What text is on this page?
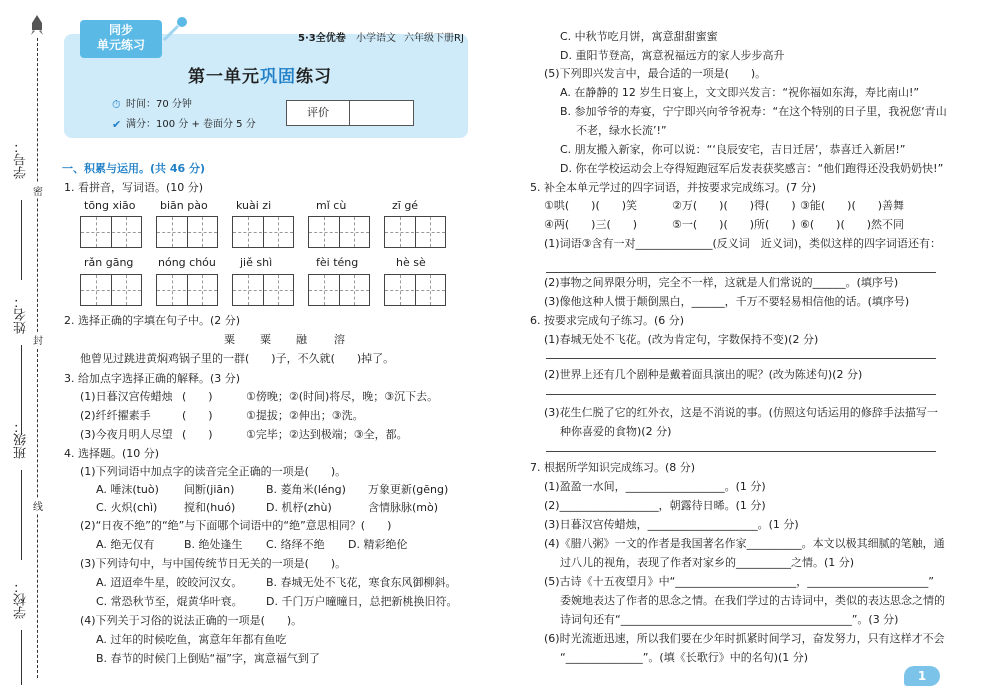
学号：
姓名：
班级：
学校：
密
封
线
同步
单元练习	5·3全优卷 小学语文 六年级下册 RJ
第一单元巩固练习
⏱ 时间：70 分钟
✔ 满分：100 分 + 卷面分 5 分
评价
一、积累与运用。(共 46 分)
1. 看拼音，写词语。(10 分)
tōng xiāo biān pào	kuài zi	mǐ cù	zī gé
rǎn gāng nóng chóu jiě shì	fèi téng	hè sè
2. 选择正确的字填在句子中。(2 分)
粟 粟 融 溶
他曾见过跳进黄焖鸡锅子里的一群(　　)子，不久就(　　)掉了。
3. 给加点字选择正确的解释。(3 分)
(1)日暮汉宫传蜡烛 (　　)	①傍晚；②(时间)将尽，晚；③沉下去。
(2)纤纤擢素手	(　　)	①提拔；②伸出；③洗。
(3)今夜月明人尽望 (　　)	①完毕；②达到极端；③全，都。
4. 选择题。(10 分)
(1)下列词语中加点字的读音完全正确的一项是(　　)。
A. 唾沫(tuò) 间断(jiān)	B. 菱角米(léng) 万象更新(gēng)
C. 火炽(chì) 搅和(huó)	D. 机杼(zhù)	含情脉脉(mò)
(2)“日夜不绝”的“绝”与下面哪个词语中的“绝”意思相同？(　　)
A. 绝无仅有	B. 绝处逢生 C. 络绎不绝 D. 精彩绝伦
(3)下列诗句中，与中国传统节日无关的一项是(　　)。
A. 迢迢牵牛星，皎皎河汉女。 B. 春城无处不飞花，寒食东风御柳斜。
C. 常恐秋节至，焜黄华叶衰。 D. 千门万户曈曈日，总把新桃换旧符。
(4)下列关于习俗的说法正确的一项是(　　)。
A. 过年的时候吃鱼，寓意年年都有鱼吃
B. 春节的时候门上倒贴“福”字，寓意福气到了
C. 中秋节吃月饼，寓意甜甜蜜蜜
D. 重阳节登高，寓意祝福远方的家人步步高升
(5)下列即兴发言中，最合适的一项是(　　)。
A. 在静静的 12 岁生日宴上，文文即兴发言：“祝你福如东海，寿比南山!”
B. 参加爷爷的寿宴，宁宁即兴向爷爷祝寿：“在这个特别的日子里，我祝您‘青山
不老，绿水长流’!”
C. 朋友搬入新家，你可以说：“‘良辰安宅，吉日迁居’，恭喜迁入新居!”
D. 你在学校运动会上夺得短跑冠军后发表获奖感言：“他们跑得还没我奶奶快!”
5. 补全本单元学过的四字词语，并按要求完成练习。(7 分)
①哄(　　)(　　)笑	②万(　　)(　　)得(　　) ③能(　　)(　　)善舞
④两(　　)三(　　)	⑤一(　　)(　　)所(　　) ⑥(　　)(　　)然不同
(1)词语③含有一对______________(反义词　近义词)，类似这样的四字词语还有：
(2)事物之间界限分明，完全不一样，这就是人们常说的______。(填序号)
(3)像他这种人惯于颠倒黑白，______，千万不要轻易相信他的话。(填序号)
6. 按要求完成句子练习。(6 分)
(1)春城无处不飞花。(改为肯定句，字数保持不变)(2 分)
(2)世界上还有几个剧种是戴着面具演出的呢？(改为陈述句)(2 分)
(3)花生仁脱了它的红外衣，这是不消说的事。(仿照这句话运用的修辞手法描写一
种你喜爱的食物)(2 分)
7. 根据所学知识完成练习。(8 分)
(1)盈盈一水间，__________________。(1 分)
(2)__________________，朝露待日晞。(1 分)
(3)日暮汉宫传蜡烛，____________________。(1 分)
(4)《腊八粥》一文的作者是我国著名作家__________。本文以极其细腻的笔触，通
过八儿的视角，表现了作者对家乡的__________之情。(1 分)
(5)古诗《十五夜望月》中“______________________，______________________”
委婉地表达了作者的思念之情。在我们学过的古诗词中，类似的表达思念之情的
诗词句还有“__________________________________________”。(3 分)
(6)时光流逝迅速，所以我们要在少年时抓紧时间学习，奋发努力，只有这样才不会
“______________”。(填《长歌行》中的名句)(1 分)
1
